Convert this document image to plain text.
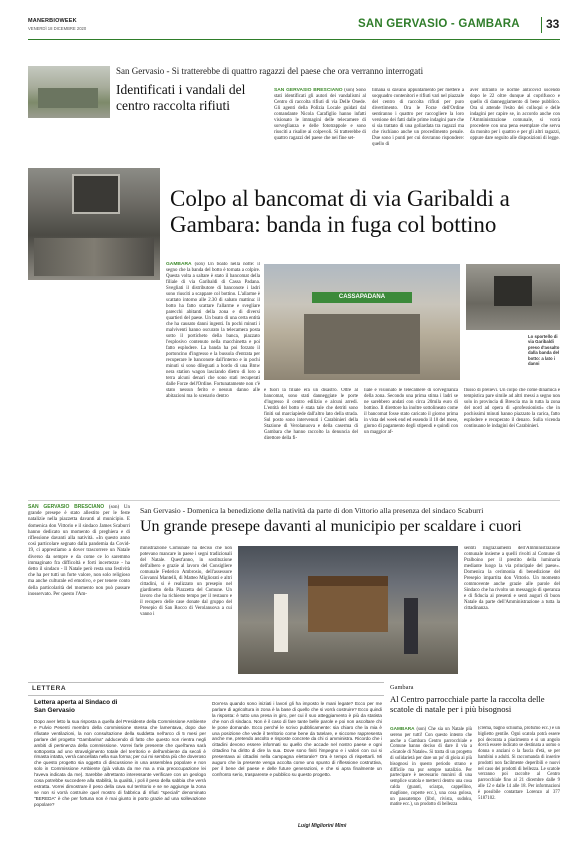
MANERBIOWEEK
VENERDÌ 18 DICEMBRE 2020	SAN GERVASIO - GAMBARA 33
San Gervasio - Si tratterebbe di quattro ragazzi del paese che ora verranno interrogati
Identificati i vandali del centro raccolta rifiuti
SAN GERVASIO BRESCIANO (son) Sono stati identificati gli autori dei vandalismi al Centro di raccolta rifiuti di via Delle Onede. Gli agenti della Polizia Locale guidati dal comandante Nicola Carafiglio hanno infatti visionato le immagini delle telecamere di sorveglianza e delle fototrappole e sono riusciti a risalire ai colpevoli. Si tratterebbe di quattro ragazzi del paese che nei fine set-
timana si davano appuntamento per mettere a soqquadro contenitori e rifiuti vari nel piazzale del centro di raccolta rifiuti per puro divertimento. Ora le Forze dell'Ordine sentiranno i quattro per raccogliere la loro versione dei fatti dalle prime indagini pare che si sia trattato di una goliardata tra ragazzi ma che rischiano anche un procedimento penale. Due sono i punti per cui dovranno rispondere: quello di
aver infranto le norme anticovid uscendo dopo le 22 oltre dunque al coprifuoco e quello di danneggiamento di bene pubblico. Ora si attende l'esito dei colloqui e delle indagini per capire se, in accordo anche con l'Amministrazione comunale, si vorrà procedere con una pena esemplare che serva da monito per i quattro e per gli altri ragazzi, oppure dare seguito alle disposizioni di legge.
Colpo al bancomat di via Garibaldi a Gambara: banda in fuga col bottino
GAMBARA (son) Un boato nella notte: il segno che la banda del botto è tornata a colpire. Questa volta a saltare è stato il bancomat della filiale di via Garibaldi di Cassa Padana. Svegliati il distributore di banconote i ladri sono riusciti a scappare col bottino. L'allarme è scattato intorno alle 2.30 di sabato mattina: il botto ha fatto scattare l'allarme e svegliare parecchi abitanti della zona e di diversi quartieri del paese. Un boato di una certa entità che ha causato danni ingenti. In pochi minuti i malviventi hanno oscurato la telecamera posta sotto il porticheto della banca, piazzato l'esplosivo contenuto nella macchinetta e poi fatto esplodere. La banda ha poi forzato il portoncino d'ingresso e la bussola d'entrata per recuperare le banconote dall'interno e in pochi minuti si sono dileguati a bordo di una Bmw nera station wagon lasciando dietro di loro a terra alcuni denari che sono stati recuperati dalle Forze dell'Ordine. Fortunatamente non c'è stato nessun ferito e nessun danno alle abitazioni ma lo scenario dentro
CASSAPADANA
Lo sportello di via Garibaldi preso d'assalto dalla banda del botto: a lato i danni
e fuori la filiale era un disastro. Oltre al bancomat, sono stati danneggiate le porte d'ingresso il centro edilizio e alcuni arredi. L'entità del botto è stata tale che detriti sono finiti sul marciapiede dall'altro lato della strada. Sul posto sono intervenuti i Carabinieri della Stazione di Verolanuova e della caserma di Gambara che hanno raccolto la denuncia del direttore della fi-
liale e visionato le telecamere di sorveglianza della zona. Secondo una prima stima i ladri se ne sarebbero andati con circa 20mila euro di bottino. Il direttore ha inoltre sottolineato come il bancomat fosse stato caricato il giorno prima in vista del week end ed essendo il 10 del mese, giorno di pagamento degli stipendi e quindi con un maggior af-
flusso di prelievi. Un colpo che come dinamica e tempistica pare simile ad altri messi a segno non solo in provincia di Brescia ma in tutta la zona del nord ad opera di «professionisti» che in pochissimi minuti hanno piazzato la carica, fatto esplodere e recuperato il denaro. Sulla vicenda continuano le indagini dei Carabinieri.
SAN GERVASIO BRESCIANO (son) Un grande presepe è stato allestito per le feste natalizie nella piazzetta davanti al municipio. E domenica don Vittorio e il sindaco James Scaburri hanno dedicato un momento di preghiera e di riflessione davanti alla natività. «In questo anno così particolare segnato dalla pandemia da Covid-19, ci apprestiamo a dover trascorrere un Natale diverso da sempre e da come ce lo saremmo immaginato fra difficoltà e forti incertezze - ha detto il sindaco - Il Natale però resta una festività che ha per tutti un forte valore, non solo religioso ma anche culturale ed emotivo, e per tenere conto della particolarità del momento non può passare inosservato. Per questo l'Am-
San Gervasio - Domenica la benedizione della natività da parte di don Vittorio alla presenza del sindaco Scaburri
Un grande presepe davanti al municipio per scaldare i cuori
ministrazione Comunale ha deciso che non potevano mancare in paese i segni tradizionali del Natale. Quest'anno, in sostituzione dell'albero e grazie al lavoro del Consigliere comunale Federico Ambrosio, dell'assessore Giovanni Mantelli, di Matteo Migliorati e altri cittadini, si è realizzato un presepio nel giardinetto della Piazzetta del Comune. Un lavoro che ha richiesto tempo per il restauro e il recupero delle case donate dal gruppo del Presepio di San Rocco di Verolanuova a cui vanno i
sentiti ringraziamenti dell'Amministrazione comunale insieme a quelli rivolti al Comune di Pralboino per il prestito della luminaria mediante luogo la via principale del paese». Domenica la cerimonia di benedizione del Presepio impartita don Vittorio. Un momento commovente anche grazie alle parole del Sindaco che ha rivolto un messaggio di speranza e di fiducia ai presenti e senti auguri di buon Natale da parte dell'Amministrazione a tutta la cittadinanza.
LETTERA
Lettera aperta al Sindaco di San Gervasio
Dopo aver letto la sua risposta a quella del Presidente della Commissione Ambiente e Fulvio Pesenti membro della commissione stessa che lamentava, dopo due rifiutate ventilazioni, la non consultazione della suddetta nell'arco di 5 mesi per parlare del progetto "Gambarina" adducendo di fatto che questo non rientra negli ambiti di pertinenza della commissione. Vorrei farle presente che quell'area sarà sottoposta ad uno stravolgimento totale del territorio e dell'ambiente da secoli è rimasta intatta, verrà cancellata nella sua forma; per cui mi sembra più che doveroso che questo progetto sia oggetto di discussione in una assemblea popolare e non solo in Commissione Ambiente (già voluta da me ma a mia preoccupazione lei l'aveva indicata da me). Sarebbe altrettanto interessante verificare con un geologo cosa potrebbe succedere alla stabilità, la qualità, i poli il peso della sabbia che verrà estratta. Vorrei dimostrare il peso della cava sul territorio e se ne aggiunge la zona se non si vorrà costruire quel mostro di fabbrica di rifiuti "speciali" denominato "BEREDA" è che per fortuna non è mai giunto in porto grazie ad una sollevazione popolare?
Dov'era quando sono iniziati i lavori gli ha imposto le mani legate? Ecco per me parlare di agricoltura in zona è la base di quello che si vorrà costruire? Ecco quindi la risposta: è tutto una presa in giro, per cui il suo atteggiamento è più da statista che non di sindaco. Non è il caso di fare tante belle parole e poi non ascoltare chi le pone domande. Ecco perché le scrivo pubblicamente: sia chiaro che la mia è una posizione che vede il territorio come bene da tutelare, e siccome rappresenta anche me, pretendo ascolto e risposte concrete da chi ci amministra. Ricordo che i cittadini devono essere informati su quello che accade nel nostro paese e ogni cittadino ha diritto di dire la sua. Dove sono finiti l'impegno e i valori con cui si presentava ai cittadini nella campagna elettorale? Ora è tempo di rispettarli. Mi auguro che la presente venga accolta come uno spunto di riflessione costruttiva, per il bene del paese e delle future generazioni, e che si apra finalmente un confronto serio, trasparente e pubblico su questo progetto.
Luigi Migliorini Mimì
Gambara
Al Centro parrocchiale parte la raccolta delle scatole di natale per i più bisognosi
GAMBARA (son) Che sia un Natale più sereno per tutti! Con questo intento che anche a Gambara Centro parrocchiale e Comune hanno deciso di dare il via a «Scatole di Natale». Si tratta di un progetto di solidarietà per dare un po' di gioia ai più bisognosi in questo periodo strano e difficile ma pur sempre natalizio. Per partecipare è necessario munirsi di una semplice scatola e metterci dentro una cosa calda (guanti, sciarpa, cappellino, maglione, coperte ecc.), una cosa golosa, un passatempo (libri, rivista, sudoku, matite ecc.), un prodotto di bellezza
(crema, bagno schiuma, profumo ecc.) e un biglietto gentile. Ogni scatola potrà essere poi decorata a piacimento e si un angolo dovrà essere indicato se destinata a uomo o donna o anziani o la fascia d'età, se per bambini o adulti. Si raccomanda di inserire prodotti non facilmente deperibili e nuovi nel caso dei prodotti di bellezza. Le scatole verranno poi raccolte al Centro parrocchiale fino al 21 dicembre dalle 9 alle 12 e dalle 14 alle 18. Per informazioni è possibile contattare Lorenzo al 377 5187102.
